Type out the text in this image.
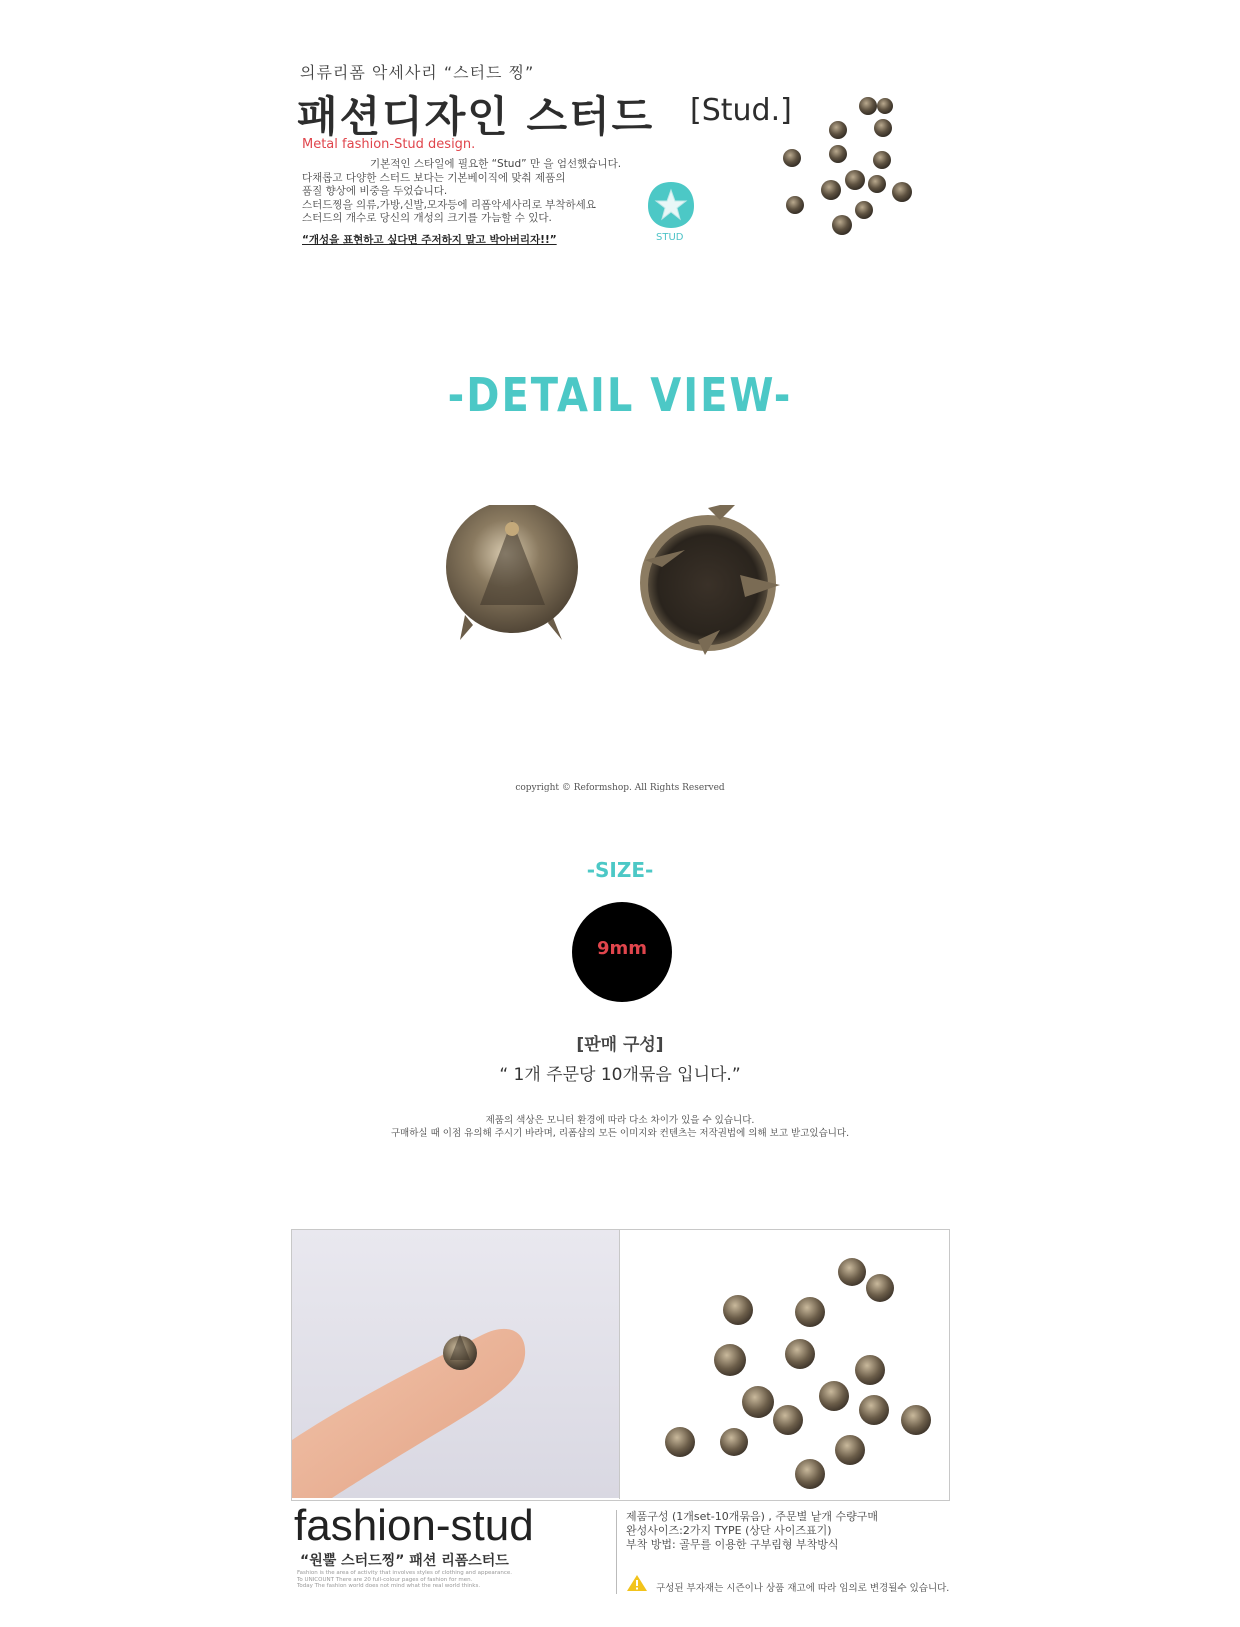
의류리폼 악세사리 “스터드 찡”
패션디자인 스터드 [Stud.]
Metal fashion-Stud design.
기본적인 스타일에 필요한 “Stud” 만 을 엄선했습니다.
다채롭고 다양한 스터드 보다는 기본베이직에 맞춰 제품의
품질 향상에 비중을 두었습니다.
스터드찡을 의류,가방,신발,모자등에 리폼악세사리로 부착하세요
스터드의 개수로 당신의 개성의 크기를 가늠할 수 있다.
“개성을 표현하고 싶다면 주저하지 말고 박아버리자!!”	STUD
-DETAIL VIEW-
copyright © Reformshop. All Rights Reserved
-SIZE-
9mm
[판매 구성]
“ 1개 주문당 10개묶음 입니다.”
제품의 색상은 모니터 환경에 따라 다소 차이가 있을 수 있습니다.
구매하실 때 이점 유의해 주시기 바라며, 리폼샵의 모든 이미지와 컨텐츠는 저작권법에 의해 보고 받고있습니다.
fashion-stud
“원뿔 스터드찡” 패션 리폼스터드
Fashion is the area of activity that involves styles of clothing and appearance.
To UNICOUNT There are 20 full-colour pages of fashion for men.
Today The fashion world does not mind what the real world thinks.
제품구성 (1개set-10개묶음) , 주문별 낱개 수량구매
완성사이즈:2가지 TYPE (상단 사이즈표기)
부착 방법: 골무를 이용한 구부림형 부착방식
구성된 부자재는 시즌이나 상품 재고에 따라 임의로 변경될수 있습니다.
